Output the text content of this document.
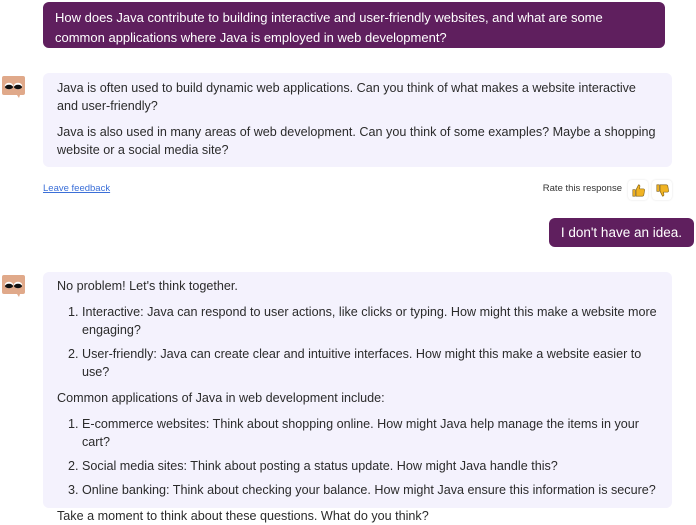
How does Java contribute to building interactive and user-friendly websites, and what are some common applications where Java is employed in web development?

Java is often used to build dynamic web applications. Can you think of what makes a website interactive and user-friendly?

Java is also used in many areas of web development. Can you think of some examples? Maybe a shopping website or a social media site?

Leave feedback	Rate this response
I don't have an idea.

No problem! Let's think together.

1. Interactive: Java can respond to user actions, like clicks or typing. How might this make a website more engaging?
2. User-friendly: Java can create clear and intuitive interfaces. How might this make a website easier to use?

Common applications of Java in web development include:

1. E-commerce websites: Think about shopping online. How might Java help manage the items in your cart?
2. Social media sites: Think about posting a status update. How might Java handle this?
3. Online banking: Think about checking your balance. How might Java ensure this information is secure?

Take a moment to think about these questions. What do you think?
